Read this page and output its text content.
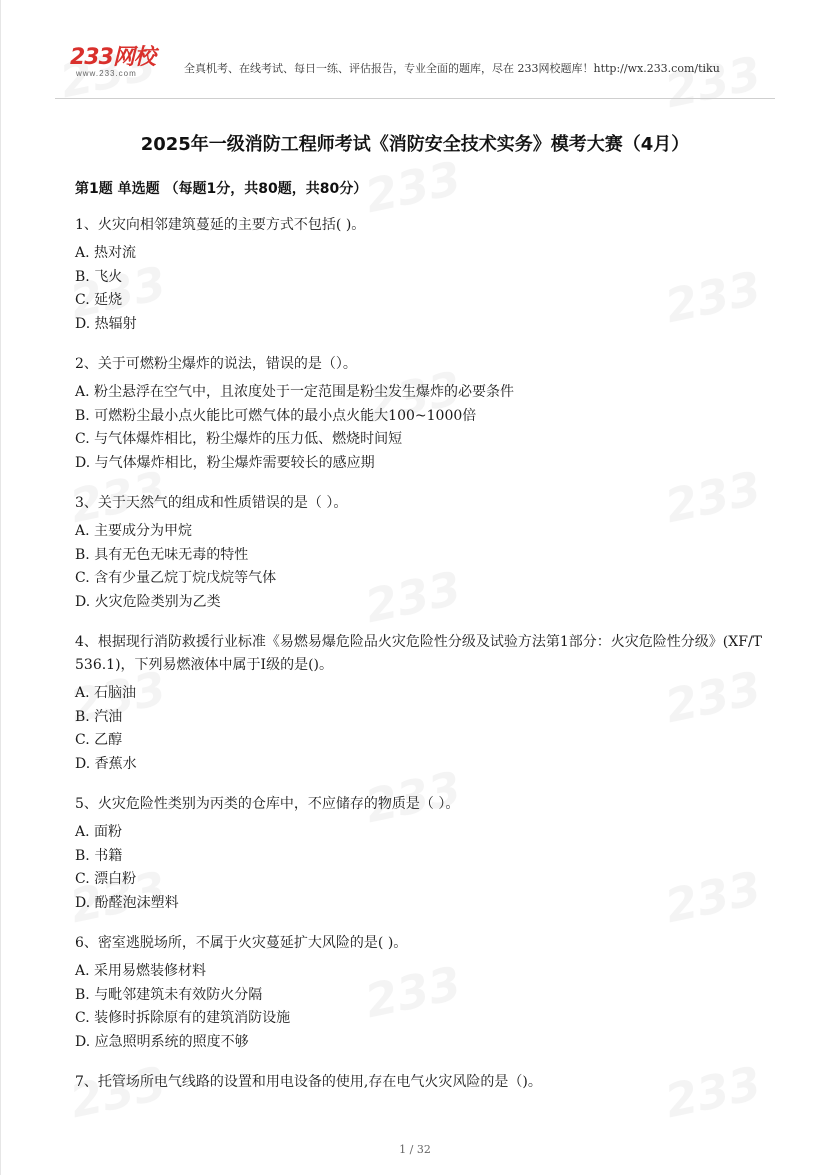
233网校
www.233.com	全真机考、在线考试、每日一练、评估报告，专业全面的题库，尽在 233网校题库！http://wx.233.com/tiku
2025年一级消防工程师考试《消防安全技术实务》模考大赛（4月）
第1题 单选题 （每题1分，共80题，共80分）
1、火灾向相邻建筑蔓延的主要方式不包括( )。
A. 热对流
B. 飞火
C. 延烧
D. 热辐射
2、关于可燃粉尘爆炸的说法，错误的是（）。
A. 粉尘悬浮在空气中，且浓度处于一定范围是粉尘发生爆炸的必要条件
B. 可燃粉尘最小点火能比可燃气体的最小点火能大100~1000倍
C. 与气体爆炸相比，粉尘爆炸的压力低、燃烧时间短
D. 与气体爆炸相比，粉尘爆炸需要较长的感应期
3、关于天然气的组成和性质错误的是（ ）。
A. 主要成分为甲烷
B. 具有无色无味无毒的特性
C. 含有少量乙烷丁烷戊烷等气体
D. 火灾危险类别为乙类
4、根据现行消防救援行业标准《易燃易爆危险品火灾危险性分级及试验方法第1部分：火灾危险性分级》(XF/T 536.1)，下列易燃液体中属于I级的是()。
A. 石脑油
B. 汽油
C. 乙醇
D. 香蕉水
5、火灾危险性类别为丙类的仓库中，不应储存的物质是（ ）。
A. 面粉
B. 书籍
C. 漂白粉
D. 酚醛泡沫塑料
6、密室逃脱场所，不属于火灾蔓延扩大风险的是( )。
A. 采用易燃装修材料
B. 与毗邻建筑未有效防火分隔
C. 装修时拆除原有的建筑消防设施
D. 应急照明系统的照度不够
7、托管场所电气线路的设置和用电设备的使用,存在电气火灾风险的是（)。
1 / 32
